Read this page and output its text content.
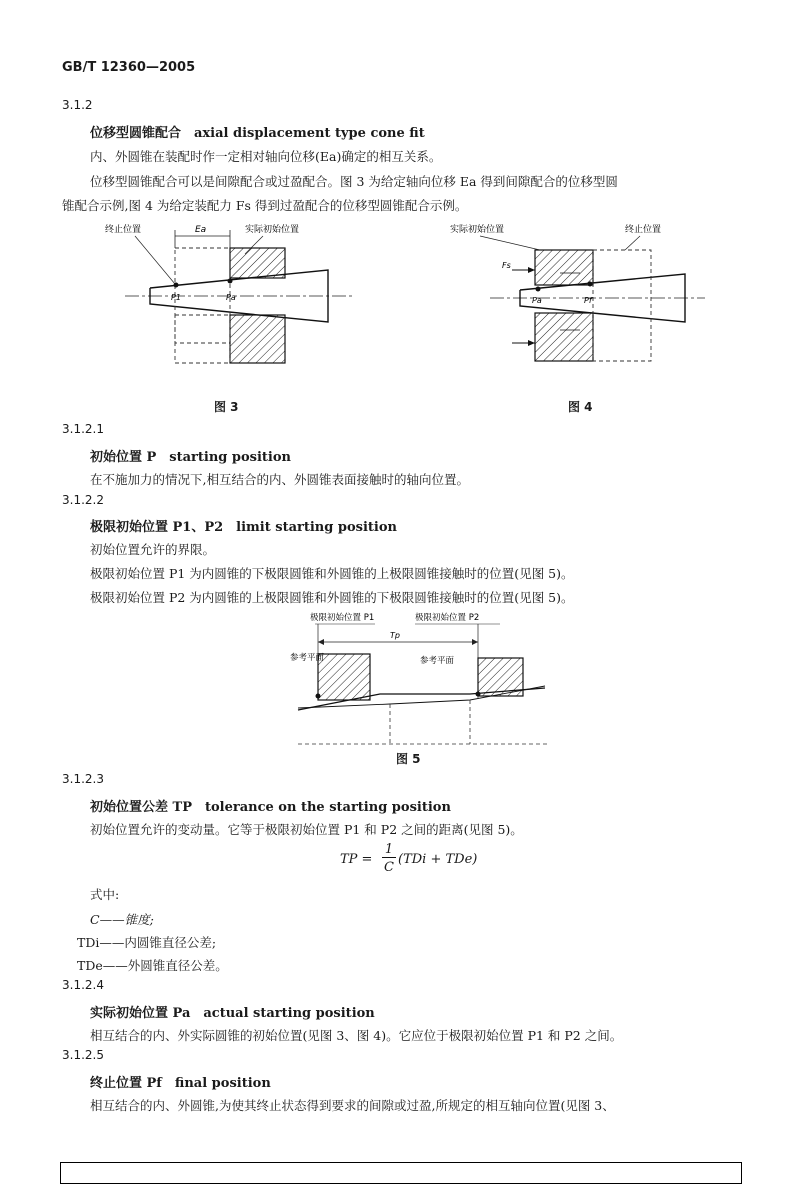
GB/T 12360—2005
3.1.2
位移型圆锥配合　axial displacement type cone fit
内、外圆锥在装配时作一定相对轴向位移(Ea)确定的相互关系。
位移型圆锥配合可以是间隙配合或过盈配合。图 3 为给定轴向位移 Ea 得到间隙配合的位移型圆
锥配合示例,图 4 为给定装配力 Fs 得到过盈配合的位移型圆锥配合示例。
终止位置	实际初始位置
Ea
P1	Pa
图 3
实际初始位置	终止位置
Fs
Pa	Pf
图 4
3.1.2.1
初始位置 P　starting position
在不施加力的情况下,相互结合的内、外圆锥表面接触时的轴向位置。
3.1.2.2
极限初始位置 P1、P2　limit starting position
初始位置允许的界限。
极限初始位置 P1 为内圆锥的下极限圆锥和外圆锥的上极限圆锥接触时的位置(见图 5)。
极限初始位置 P2 为内圆锥的上极限圆锥和外圆锥的下极限圆锥接触时的位置(见图 5)。
极限初始位置 P1	极限初始位置 P2
Tp
参考平面	参考平面
图 5
3.1.2.3
初始位置公差 TP　tolerance on the starting position
初始位置允许的变动量。它等于极限初始位置 P1 和 P2 之间的距离(见图 5)。
TP =
1
C
(TDi + TDe)
式中:
C——锥度;
TDi——内圆锥直径公差;
TDe——外圆锥直径公差。
3.1.2.4
实际初始位置 Pa　actual starting position
相互结合的内、外实际圆锥的初始位置(见图 3、图 4)。它应位于极限初始位置 P1 和 P2 之间。
3.1.2.5
终止位置 Pf　final position
相互结合的内、外圆锥,为使其终止状态得到要求的间隙或过盈,所规定的相互轴向位置(见图 3、
